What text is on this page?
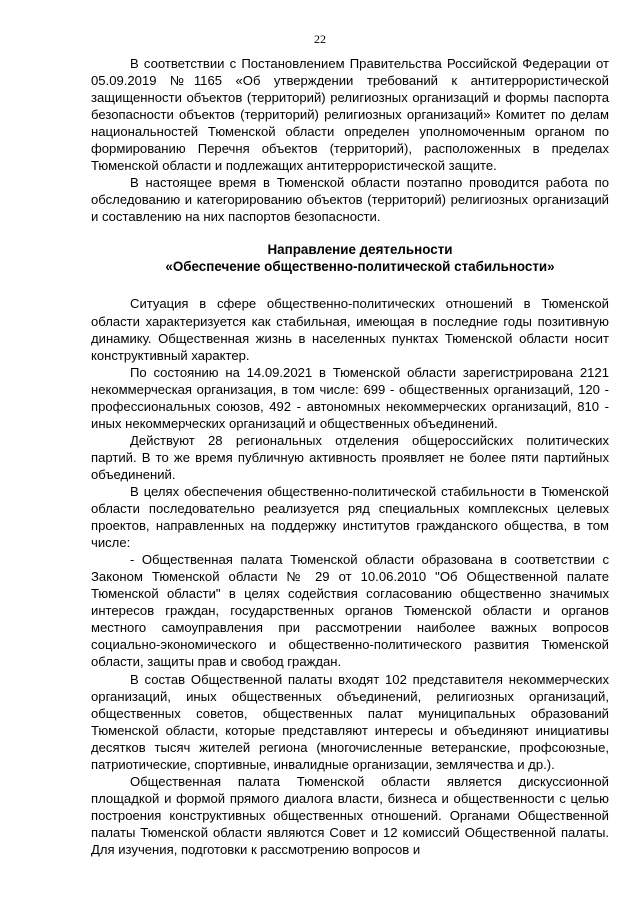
22

В соответствии с Постановлением Правительства Российской Федерации от 05.09.2019 №1165 «Об утверждении требований к антитеррористической защищенности объектов (территорий) религиозных организаций и формы паспорта безопасности объектов (территорий) религиозных организаций» Комитет по делам национальностей Тюменской области определен уполномоченным органом по формированию Перечня объектов (территорий), расположенных в пределах Тюменской области и подлежащих антитеррористической защите.

В настоящее время в Тюменской области поэтапно проводится работа по обследованию и категорированию объектов (территорий) религиозных организаций и составлению на них паспортов безопасности.

Направление деятельности
«Обеспечение общественно-политической стабильности»

Ситуация в сфере общественно-политических отношений в Тюменской области характеризуется как стабильная, имеющая в последние годы позитивную динамику. Общественная жизнь в населенных пунктах Тюменской области носит конструктивный характер.

По состоянию на 14.09.2021 в Тюменской области зарегистрирована 2121 некоммерческая организация, в том числе: 699 - общественных организаций, 120 - профессиональных союзов, 492 - автономных некоммерческих организаций, 810 - иных некоммерческих организаций и общественных объединений.

Действуют 28 региональных отделения общероссийских политических партий. В то же время публичную активность проявляет не более пяти партийных объединений.

В целях обеспечения общественно-политической стабильности в Тюменской области последовательно реализуется ряд специальных комплексных целевых проектов, направленных на поддержку институтов гражданского общества, в том числе:

- Общественная палата Тюменской области образована в соответствии с Законом Тюменской области № 29 от 10.06.2010 "Об Общественной палате Тюменской области" в целях содействия согласованию общественно значимых интересов граждан, государственных органов Тюменской области и органов местного самоуправления при рассмотрении наиболее важных вопросов социально-экономического и общественно-политического развития Тюменской области, защиты прав и свобод граждан.

В состав Общественной палаты входят 102 представителя некоммерческих организаций, иных общественных объединений, религиозных организаций, общественных советов, общественных палат муниципальных образований Тюменской области, которые представляют интересы и объединяют инициативы десятков тысяч жителей региона (многочисленные ветеранские, профсоюзные, патриотические, спортивные, инвалидные организации, землячества и др.).

Общественная палата Тюменской области является дискуссионной площадкой и формой прямого диалога власти, бизнеса и общественности с целью построения конструктивных общественных отношений. Органами Общественной палаты Тюменской области являются Совет и 12 комиссий Общественной палаты. Для изучения, подготовки к рассмотрению вопросов и
